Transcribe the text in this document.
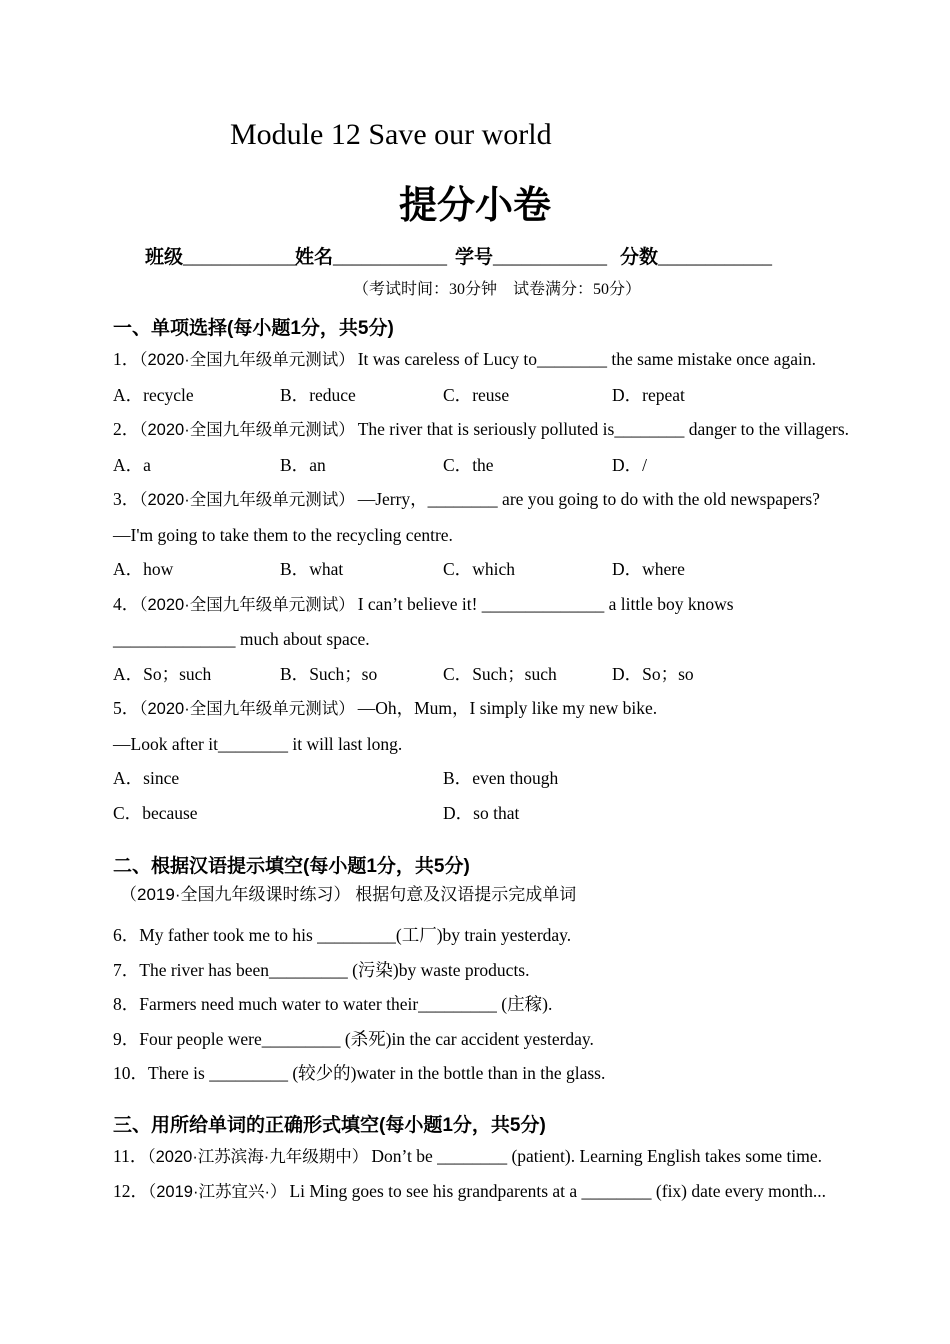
Module 12 Save our world
提分小卷
班级____________姓名____________ 学号____________ 分数____________
（考试时间：30分钟　试卷满分：50分）
一、单项选择(每小题1分，共5分)

1．（2020·全国九年级单元测试） It was careless of Lucy to________ the same mistake once again.

A．recycle	B．reduce	C．reuse	D．repeat

2．（2020·全国九年级单元测试） The river that is seriously polluted is________ danger to the villagers.

A．a	B．an	C．the	D．/

3．（2020·全国九年级单元测试） —Jerry，________ are you going to do with the old newspapers?

—I'm going to take them to the recycling centre.

A．how	B．what	C．which	D．where

4．（2020·全国九年级单元测试） I can’t believe it! ______________ a little boy knows

______________ much about space.

A．So；such	B．Such；so	C．Such；such	D．So；so

5．（2020·全国九年级单元测试） —Oh，Mum，I simply like my new bike.

—Look after it________ it will last long.

A．since	B．even though
C．because	D．so that
二、根据汉语提示填空(每小题1分，共5分)

（2019·全国九年级课时练习） 根据句意及汉语提示完成单词

6．My father took me to his _________(工厂)by train yesterday.

7．The river has been_________ (污染)by waste products.

8．Farmers need much water to water their_________ (庄稼).

9．Four people were_________ (杀死)in the car accident yesterday.

10．There is _________ (较少的)water in the bottle than in the glass.

三、用所给单词的正确形式填空(每小题1分，共5分)

11．（2020·江苏滨海·九年级期中） Don’t be ________ (patient). Learning English takes some time.

12．（2019·江苏宜兴·） Li Ming goes to see his grandparents at a ________ (fix) date every month...
